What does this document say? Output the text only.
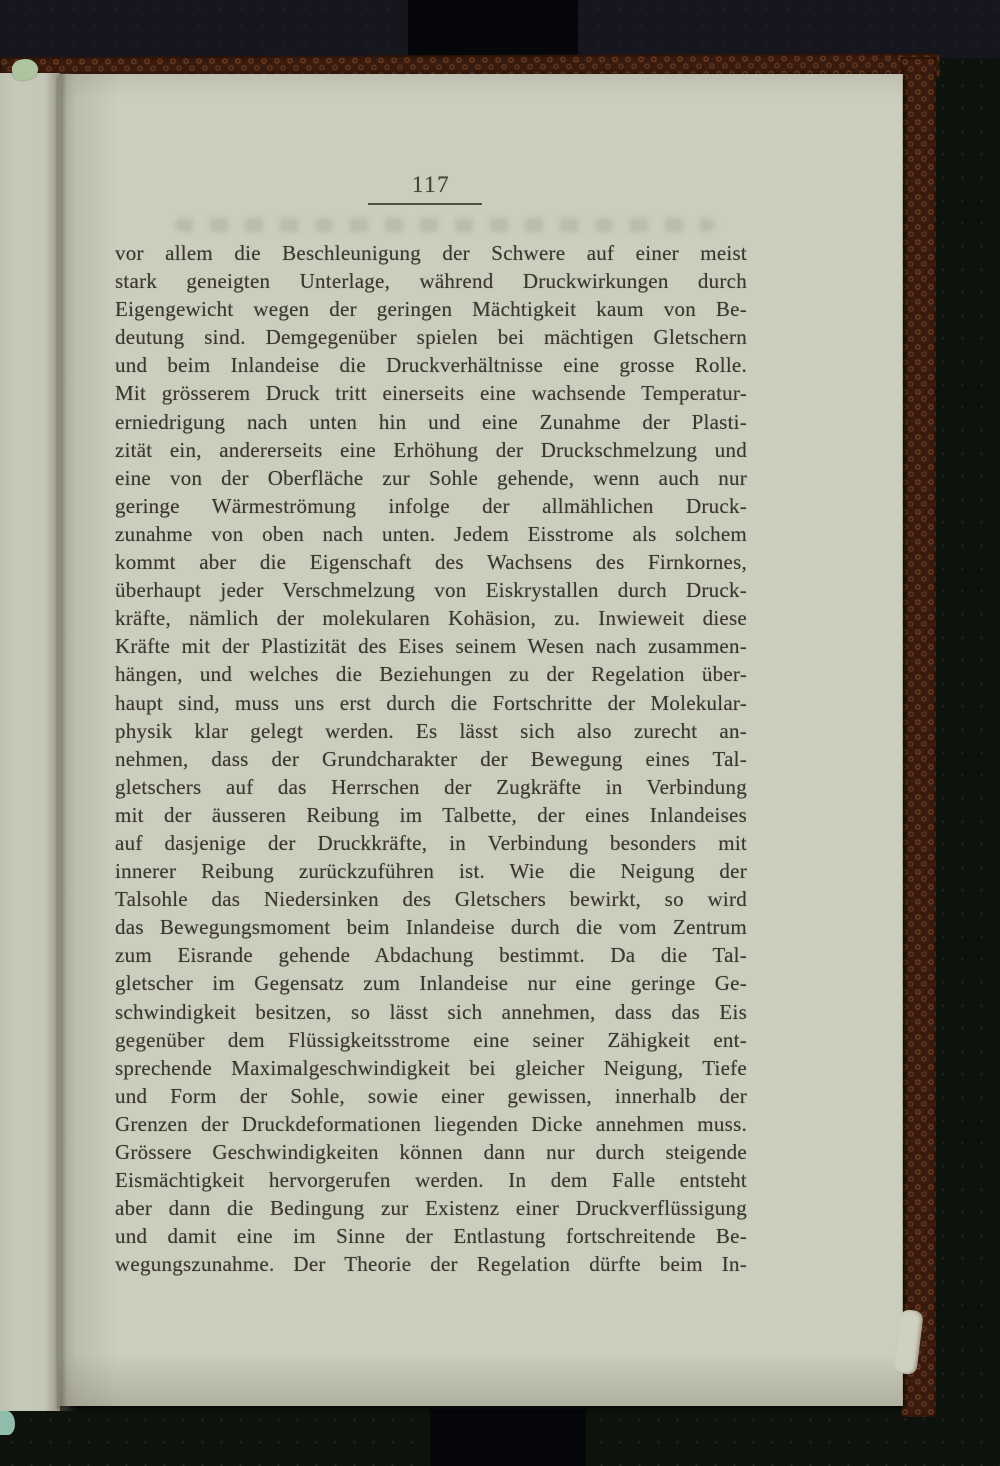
117
vor allem die Beschleunigung der Schwere auf einer meist
stark geneigten Unterlage, während Druckwirkungen durch
Eigengewicht wegen der geringen Mächtigkeit kaum von Be-
deutung sind. Demgegenüber spielen bei mächtigen Gletschern
und beim Inlandeise die Druckverhältnisse eine grosse Rolle.
Mit grösserem Druck tritt einerseits eine wachsende Temperatur-
erniedrigung nach unten hin und eine Zunahme der Plasti-
zität ein, andererseits eine Erhöhung der Druckschmelzung und
eine von der Oberfläche zur Sohle gehende, wenn auch nur
geringe Wärmeströmung infolge der allmählichen Druck-
zunahme von oben nach unten. Jedem Eisstrome als solchem
kommt aber die Eigenschaft des Wachsens des Firnkornes,
überhaupt jeder Verschmelzung von Eiskrystallen durch Druck-
kräfte, nämlich der molekularen Kohäsion, zu. Inwieweit diese
Kräfte mit der Plastizität des Eises seinem Wesen nach zusammen-
hängen, und welches die Beziehungen zu der Regelation über-
haupt sind, muss uns erst durch die Fortschritte der Molekular-
physik klar gelegt werden. Es lässt sich also zurecht an-
nehmen, dass der Grundcharakter der Bewegung eines Tal-
gletschers auf das Herrschen der Zugkräfte in Verbindung
mit der äusseren Reibung im Talbette, der eines Inlandeises
auf dasjenige der Druckkräfte, in Verbindung besonders mit
innerer Reibung zurückzuführen ist. Wie die Neigung der
Talsohle das Niedersinken des Gletschers bewirkt, so wird
das Bewegungsmoment beim Inlandeise durch die vom Zentrum
zum Eisrande gehende Abdachung bestimmt. Da die Tal-
gletscher im Gegensatz zum Inlandeise nur eine geringe Ge-
schwindigkeit besitzen, so lässt sich annehmen, dass das Eis
gegenüber dem Flüssigkeitsstrome eine seiner Zähigkeit ent-
sprechende Maximalgeschwindigkeit bei gleicher Neigung, Tiefe
und Form der Sohle, sowie einer gewissen, innerhalb der
Grenzen der Druckdeformationen liegenden Dicke annehmen muss.
Grössere Geschwindigkeiten können dann nur durch steigende
Eismächtigkeit hervorgerufen werden. In dem Falle entsteht
aber dann die Bedingung zur Existenz einer Druckverflüssigung
und damit eine im Sinne der Entlastung fortschreitende Be-
wegungszunahme. Der Theorie der Regelation dürfte beim In-
